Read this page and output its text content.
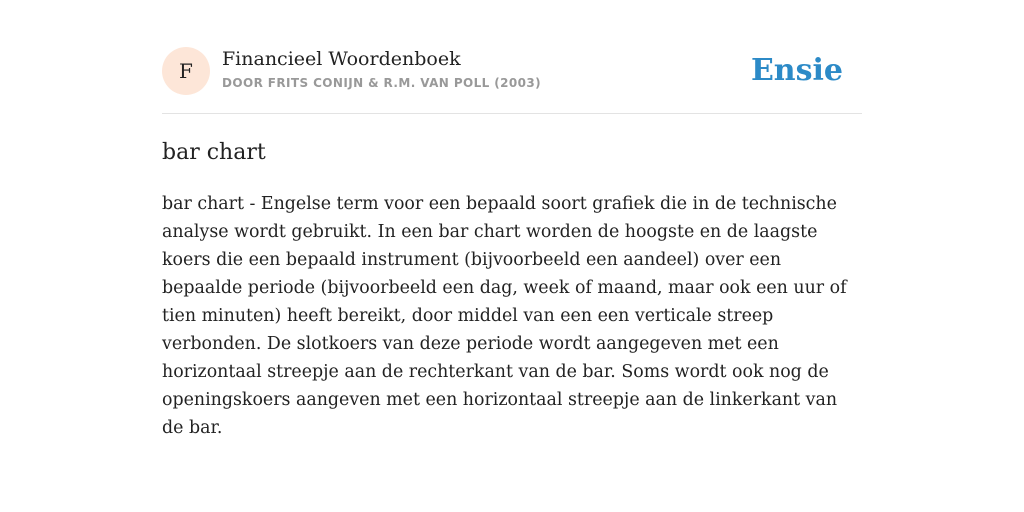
F	Financieel Woordenboek
DOOR FRITS CONIJN & R.M. VAN POLL (2003)	Ensie
bar chart

bar chart - Engelse term voor een bepaald soort grafiek die in de technische analyse wordt gebruikt. In een bar chart worden de hoogste en de laagste koers die een bepaald instrument (bijvoorbeeld een aandeel) over een bepaalde periode (bijvoorbeeld een dag, week of maand, maar ook een uur of tien minuten) heeft bereikt, door middel van een een verticale streep verbonden. De slotkoers van deze periode wordt aangegeven met een horizontaal streepje aan de rechterkant van de bar. Soms wordt ook nog de openingskoers aangeven met een horizontaal streepje aan de linkerkant van de bar.
